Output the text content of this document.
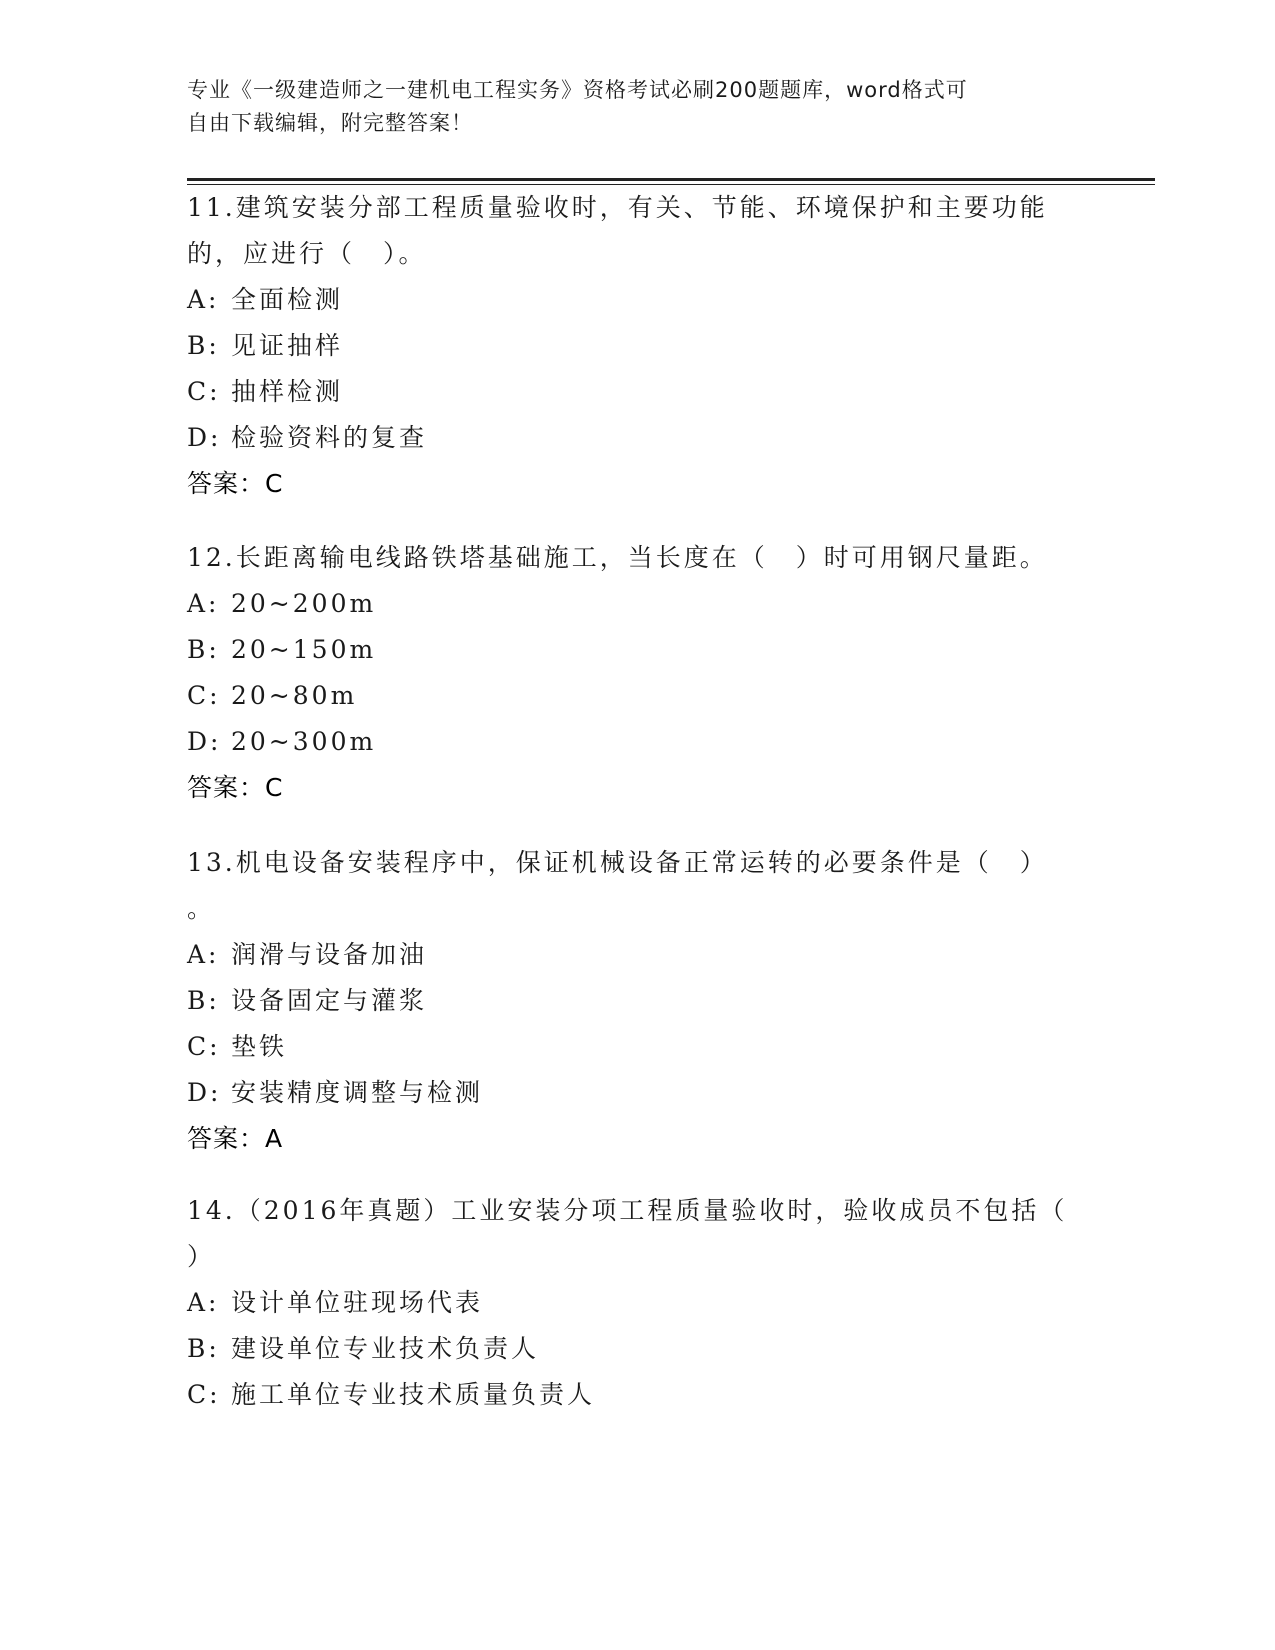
专业《一级建造师之一建机电工程实务》资格考试必刷200题题库，word格式可
自由下载编辑，附完整答案！
11.建筑安装分部工程质量验收时，有关、节能、环境保护和主要功能
的，应进行（　）。
A: 全面检测
B: 见证抽样
C: 抽样检测
D: 检验资料的复查
答案：C
12.长距离输电线路铁塔基础施工，当长度在（　）时可用钢尺量距。
A: 20~200m
B: 20~150m
C: 20~80m
D: 20~300m
答案：C
13.机电设备安装程序中，保证机械设备正常运转的必要条件是（　）
。
A: 润滑与设备加油
B: 设备固定与灌浆
C: 垫铁
D: 安装精度调整与检测
答案：A
14.（2016年真题）工业安装分项工程质量验收时，验收成员不包括（
）
A: 设计单位驻现场代表
B: 建设单位专业技术负责人
C: 施工单位专业技术质量负责人
